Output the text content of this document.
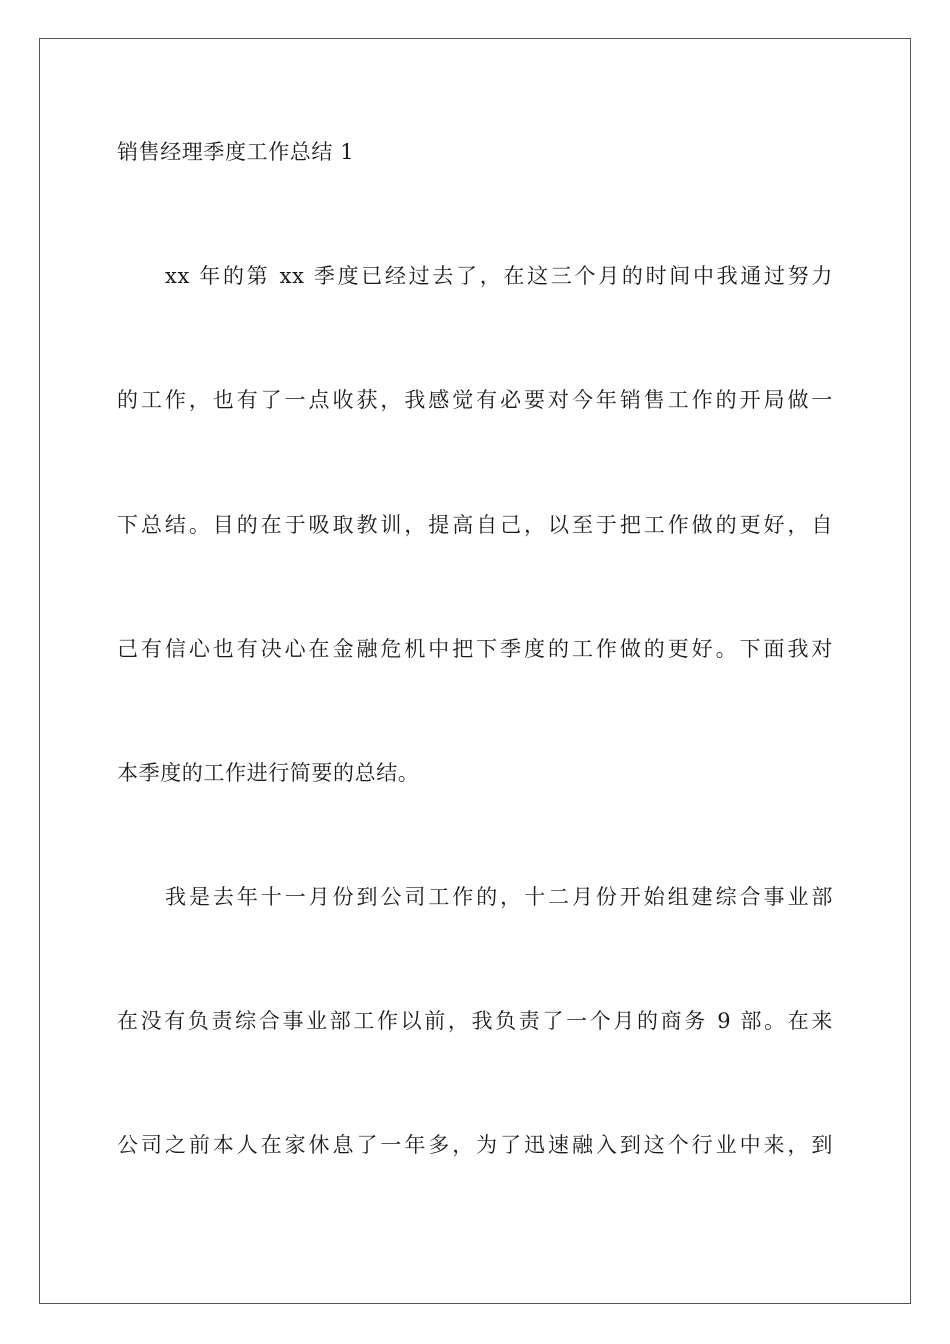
销售经理季度工作总结 1
xx 年的第 xx 季度已经过去了，在这三个月的时间中我通过努力
的工作，也有了一点收获，我感觉有必要对今年销售工作的开局做一
下总结。目的在于吸取教训，提高自己，以至于把工作做的更好，自
己有信心也有决心在金融危机中把下季度的工作做的更好。下面我对
本季度的工作进行简要的总结。
我是去年十一月份到公司工作的，十二月份开始组建综合事业部
在没有负责综合事业部工作以前，我负责了一个月的商务 9 部。在来
公司之前本人在家休息了一年多，为了迅速融入到这个行业中来，到
